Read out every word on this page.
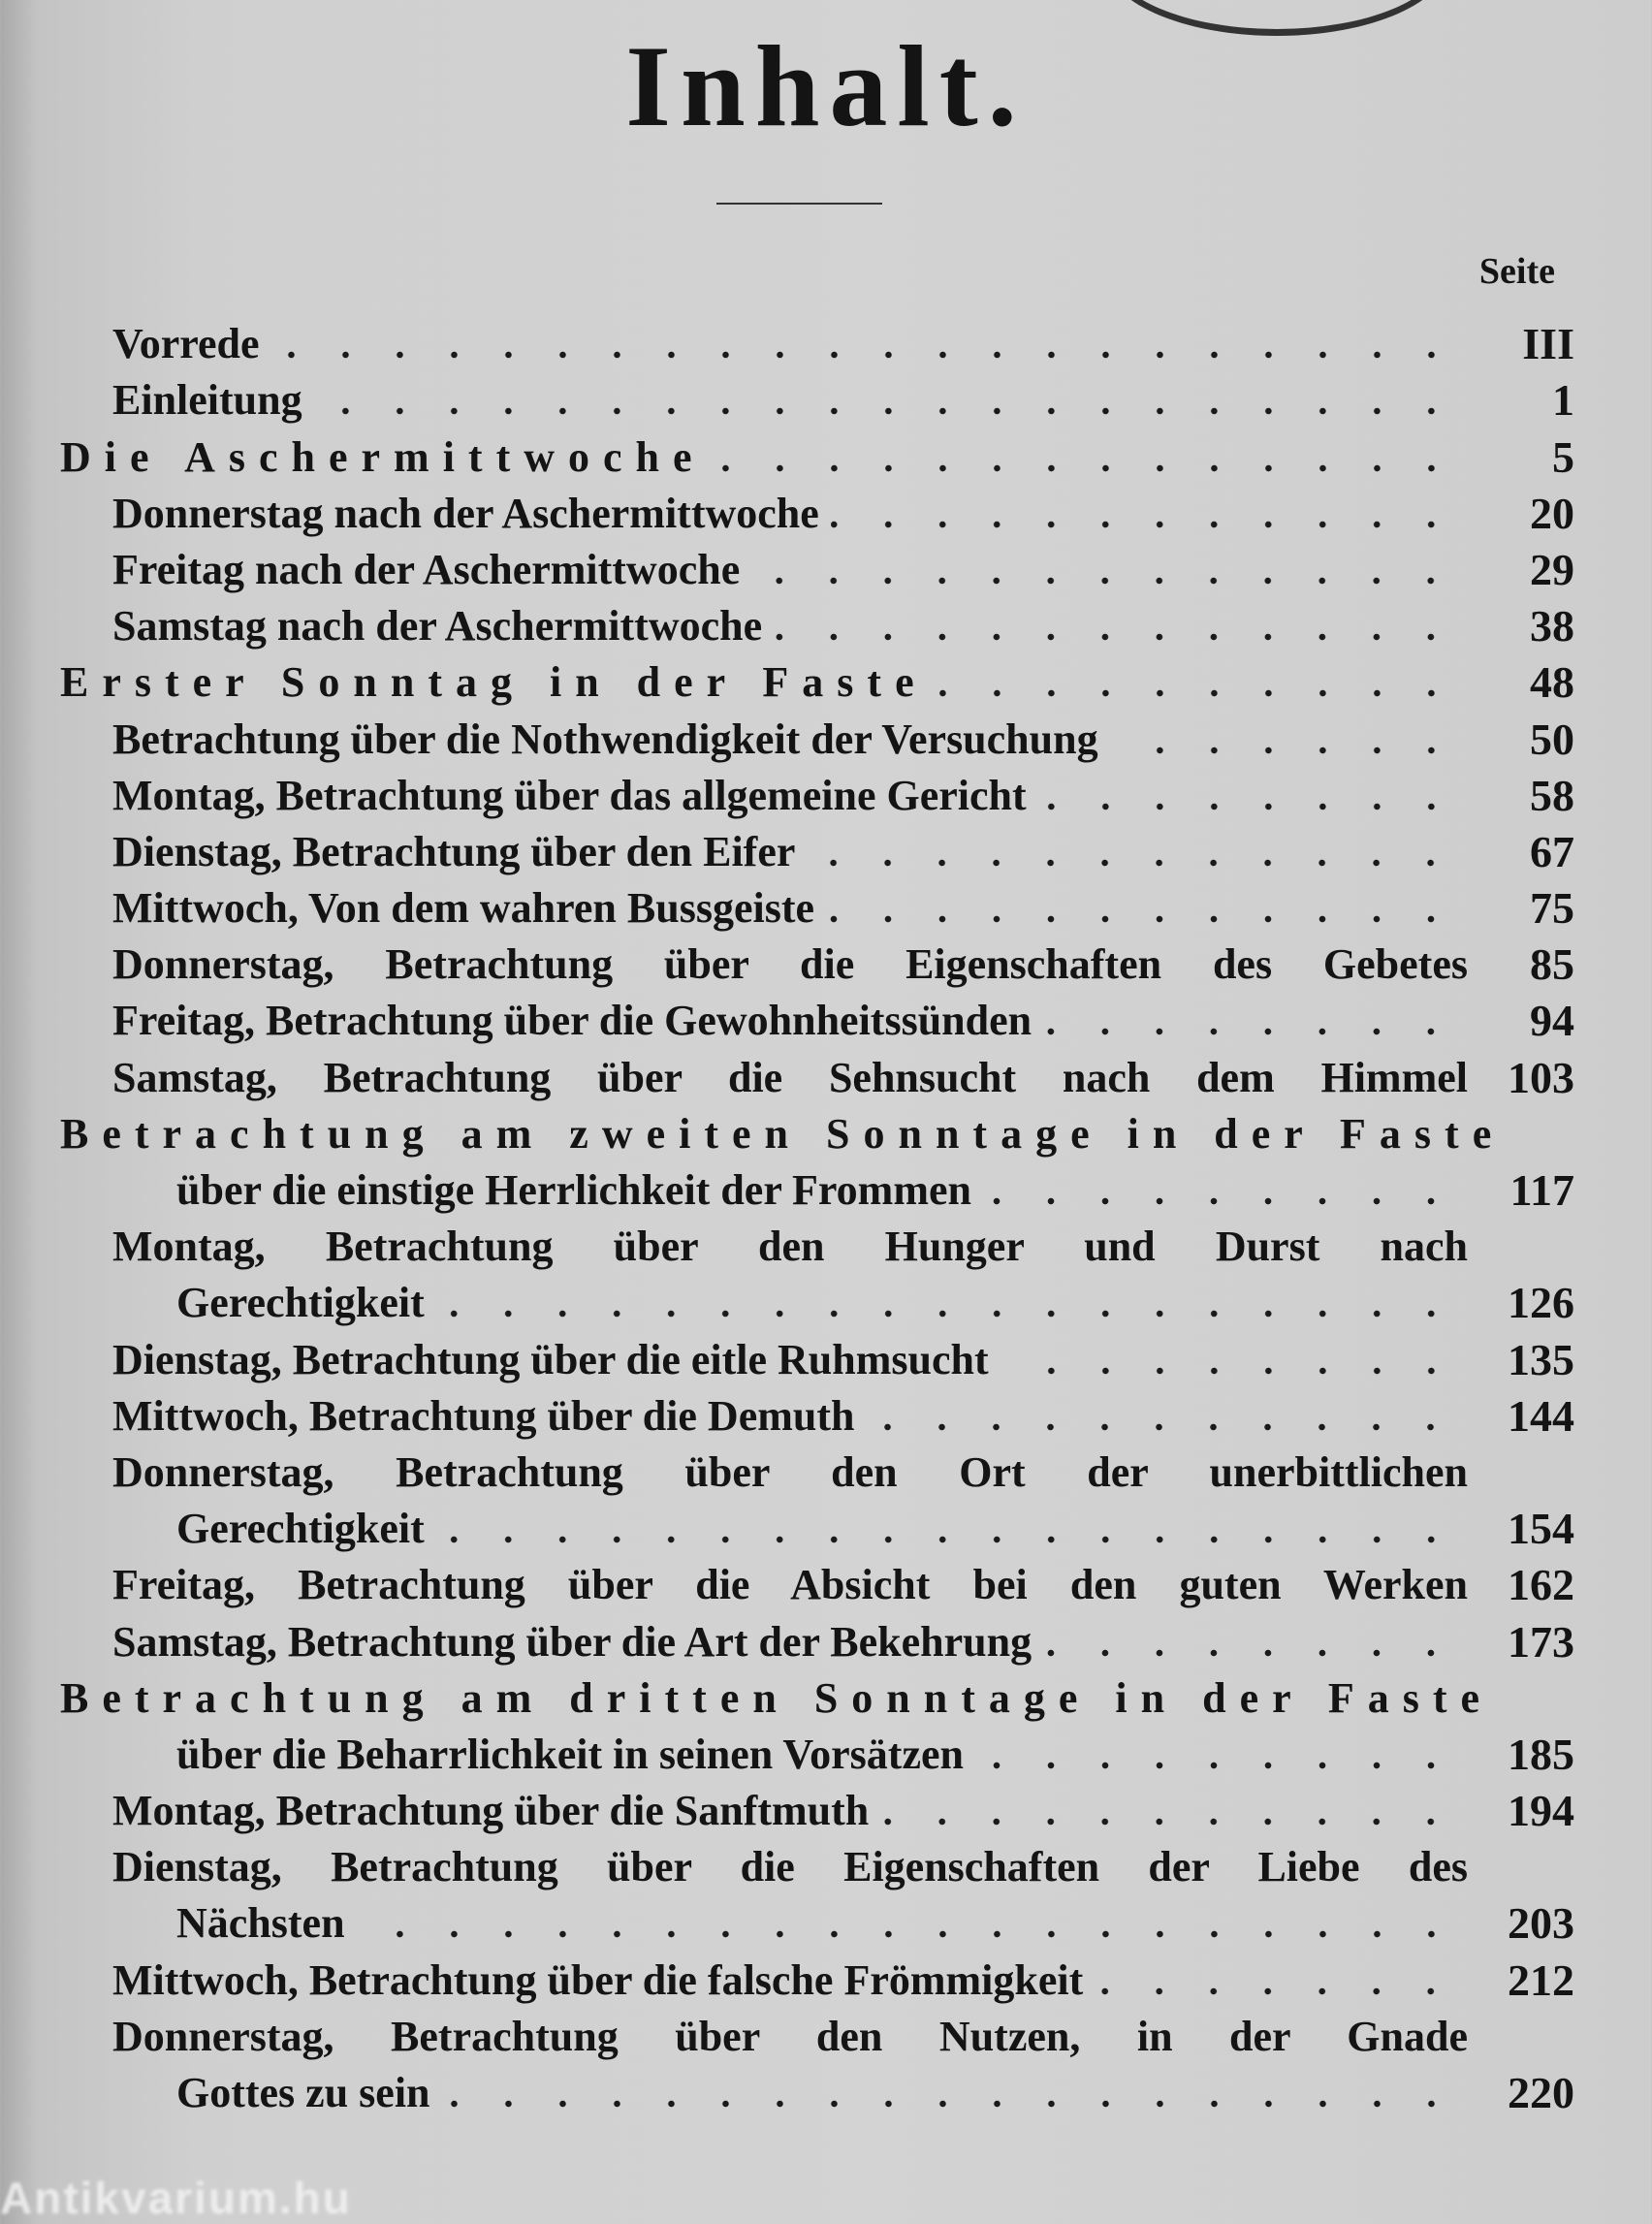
Inhalt.
Seite
Vorrede	III
Einleitung	1
Die Aschermittwoche	5
Donnerstag nach der Aschermittwoche	20
Freitag nach der Aschermittwoche	29
Samstag nach der Aschermittwoche	38
Erster Sonntag in der Faste	48
Betrachtung über die Nothwendigkeit der Versuchung	50
Montag, Betrachtung über das allgemeine Gericht	58
Dienstag, Betrachtung über den Eifer	67
Mittwoch, Von dem wahren Bussgeiste	75
Donnerstag, Betrachtung über die Eigenschaften des Gebetes	85
Freitag, Betrachtung über die Gewohnheitssünden	94
Samstag, Betrachtung über die Sehnsucht nach dem Himmel 103
Betrachtung am zweiten Sonntage in der Faste
über die einstige Herrlichkeit der Frommen	117
Montag, Betrachtung über den Hunger und Durst nach
Gerechtigkeit	126
Dienstag, Betrachtung über die eitle Ruhmsucht	135
Mittwoch, Betrachtung über die Demuth	144
Donnerstag, Betrachtung über den Ort der unerbittlichen
Gerechtigkeit	154
Freitag, Betrachtung über die Absicht bei den guten Werken 162
Samstag, Betrachtung über die Art der Bekehrung	173
Betrachtung am dritten Sonntage in der Faste
über die Beharrlichkeit in seinen Vorsätzen	185
Montag, Betrachtung über die Sanftmuth	194
Dienstag, Betrachtung über die Eigenschaften der Liebe des
Nächsten	203
Mittwoch, Betrachtung über die falsche Frömmigkeit	212
Donnerstag, Betrachtung über den Nutzen, in der Gnade
Gottes zu sein	220
Antikvarium.hu
